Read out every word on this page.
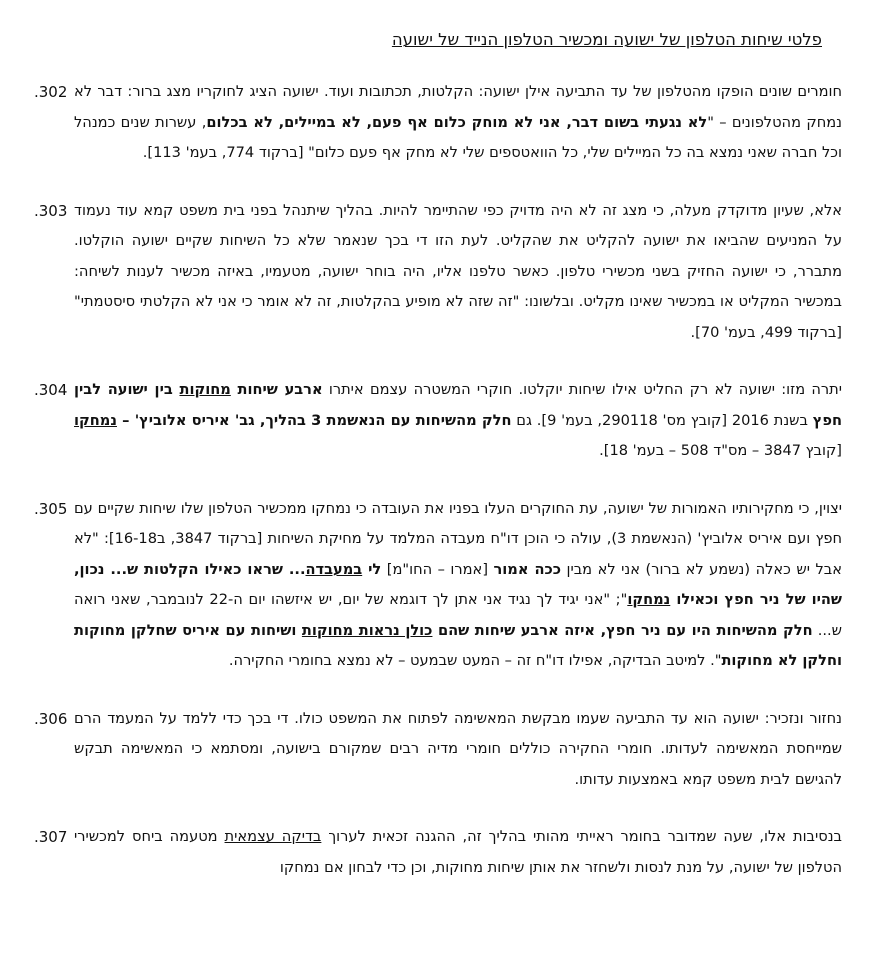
פלטי שיחות הטלפון של ישועה ומכשיר הטלפון הנייד של ישועה
.302 חומרים שונים הופקו מהטלפון של עד התביעה אילן ישועה: הקלטות, תכתובות ועוד. ישועה הציג לחוקריו מצג ברור: דבר לא נמחק מהטלפונים – "לא נגעתי בשום דבר, אני לא מוחק כלום אף פעם, לא במיילים, לא בכלום, עשרות שנים כמנהל וכל חברה שאני נמצא בה כל המיילים שלי, כל הוואטספים שלי לא מחק אף פעם כלום" [ברקוד 774, בעמ' 113].
.303 אלא, שעיון מדוקדק מעלה, כי מצג זה לא היה מדויק כפי שהתיימר להיות. בהליך שיתנהל בפני בית משפט קמא עוד נעמוד על המניעים שהביאו את ישועה להקליט את שהקליט. לעת הזו די בכך שנאמר שלא כל השיחות שקיים ישועה הוקלטו. מתברר, כי ישועה החזיק בשני מכשירי טלפון. כאשר טלפנו אליו, היה בוחר ישועה, מטעמיו, באיזה מכשיר לענות לשיחה: במכשיר המקליט או במכשיר שאינו מקליט. ובלשונו: "זה שזה לא מופיע בהקלטות, זה לא אומר כי אני לא הקלטתי סיסטמתי" [ברקוד 499, בעמ' 70].
.304	יתרה מזו: ישועה לא רק החליט אילו שיחות יוקלטו. חוקרי המשטרה עצמם איתרו ארבע שיחות מחוקות בין ישועה לבין חפץ בשנת 2016 [קובץ מס' 290118, בעמ' 9]. גם חלק מהשיחות עם הנאשמת 3 בהליך, גב' איריס אלוביץ' – נמחקו [קובץ 3847 – מס"ד 508 – בעמ' 18].
.305 יצוין, כי מחקירותיו האמורות של ישועה, עת החוקרים העלו בפניו את העובדה כי נמחקו ממכשיר הטלפון שלו שיחות שקיים עם חפץ ועם איריס אלוביץ' (הנאשמת 3), עולה כי הוכן דו"ח מעבדה המלמד על מחיקת השיחות [ברקוד 3847, ב16-18]: "לא אבל יש כאלה (נשמע לא ברור) אני לא מבין ככה אמור [אמרו – החו"מ] לי במעבדה... שראו כאילו הקלטות ש... נכון, שהיו של ניר חפץ וכאילו נמחקו"; "אני יגיד לך נגיד אני אתן לך דוגמא של יום, יש איזשהו יום ה-22 לנובמבר, שאני רואה ש... חלק מהשיחות היו עם ניר חפץ, איזה ארבע שיחות שהם כולן נראות מחוקות ושיחות עם איריס שחלקן מחוקות וחלקן לא מחוקות". למיטב הבדיקה, אפילו דו"ח זה – המעט שבמעט – לא נמצא בחומרי החקירה.
.306 נחזור ונזכיר: ישועה הוא עד התביעה שעמו מבקשת המאשימה לפתוח את המשפט כולו. די בכך כדי ללמד על המעמד הרם שמייחסת המאשימה לעדותו. חומרי החקירה כוללים חומרי מדיה רבים שמקורם בישועה, ומסתמא כי המאשימה תבקש להגישם לבית משפט קמא באמצעות עדותו.
.307	בנסיבות אלו, שעה שמדובר בחומר ראייתי מהותי בהליך זה, ההגנה זכאית לערוך בדיקה עצמאית מטעמה ביחס למכשירי הטלפון של ישועה, על מנת לנסות ולשחזר את אותן שיחות מחוקות, וכן כדי לבחון אם נמחקו
